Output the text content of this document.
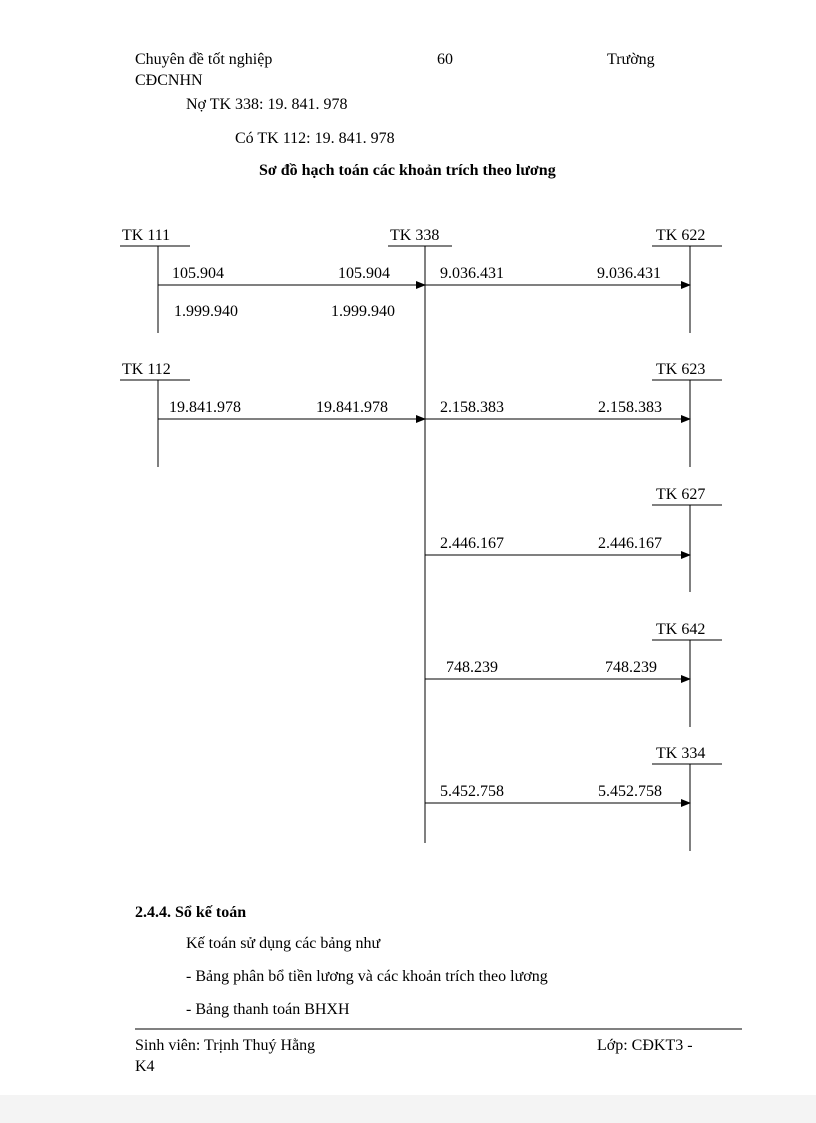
Chuyên đề tốt nghiệp	60	Trường
CĐCNHN
Nợ TK 338: 19. 841. 978
Có TK 112: 19. 841. 978
Sơ đồ hạch toán các khoản trích theo lương
TK 111	TK 338	TK 622
105.904	105.904
1.999.940	1.999.940
9.036.431	9.036.431
TK 112	TK 623
19.841.978	19.841.978	2.158.383	2.158.383
TK 627
2.446.167	2.446.167
TK 642
748.239	748.239
TK 334
5.452.758	5.452.758
2.4.4. Sổ kế toán
Kế toán sử dụng các bảng như
- Bảng phân bổ tiền lương và các khoản trích theo lương
- Bảng thanh toán BHXH
Sinh viên: Trịnh Thuý Hằng	Lớp: CĐKT3 -
K4
